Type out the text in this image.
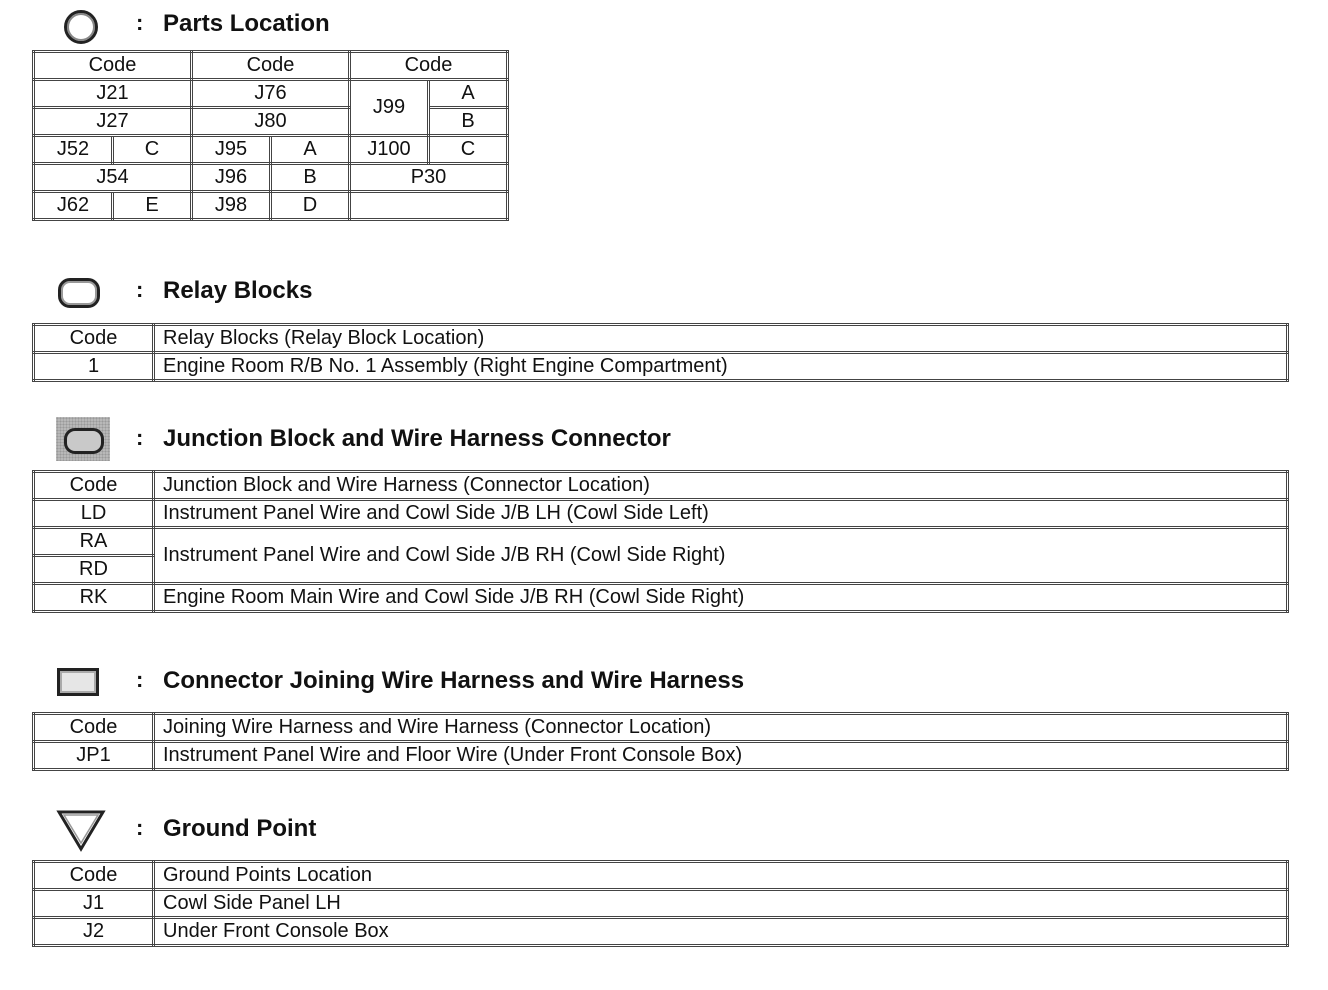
: Parts Location
Code		Code		Code	
J21		J76		J99	A
J27		J80			B
J52	C	J95	A	J100	C
J54		J96	B	P30	
J62	E	J98	D		
: Relay Blocks
Code	Relay Blocks (Relay Block Location)
1	Engine Room R/B No. 1 Assembly (Right Engine Compartment)
: Junction Block and Wire Harness Connector
Code	Junction Block and Wire Harness (Connector Location)
LD	Instrument Panel Wire and Cowl Side J/B LH (Cowl Side Left)
RA	Instrument Panel Wire and Cowl Side J/B RH (Cowl Side Right)
RD	
RK	Engine Room Main Wire and Cowl Side J/B RH (Cowl Side Right)
: Connector Joining Wire Harness and Wire Harness
Code	Joining Wire Harness and Wire Harness (Connector Location)
JP1	Instrument Panel Wire and Floor Wire (Under Front Console Box)
: Ground Point
Code	Ground Points Location
J1	Cowl Side Panel LH
J2	Under Front Console Box
